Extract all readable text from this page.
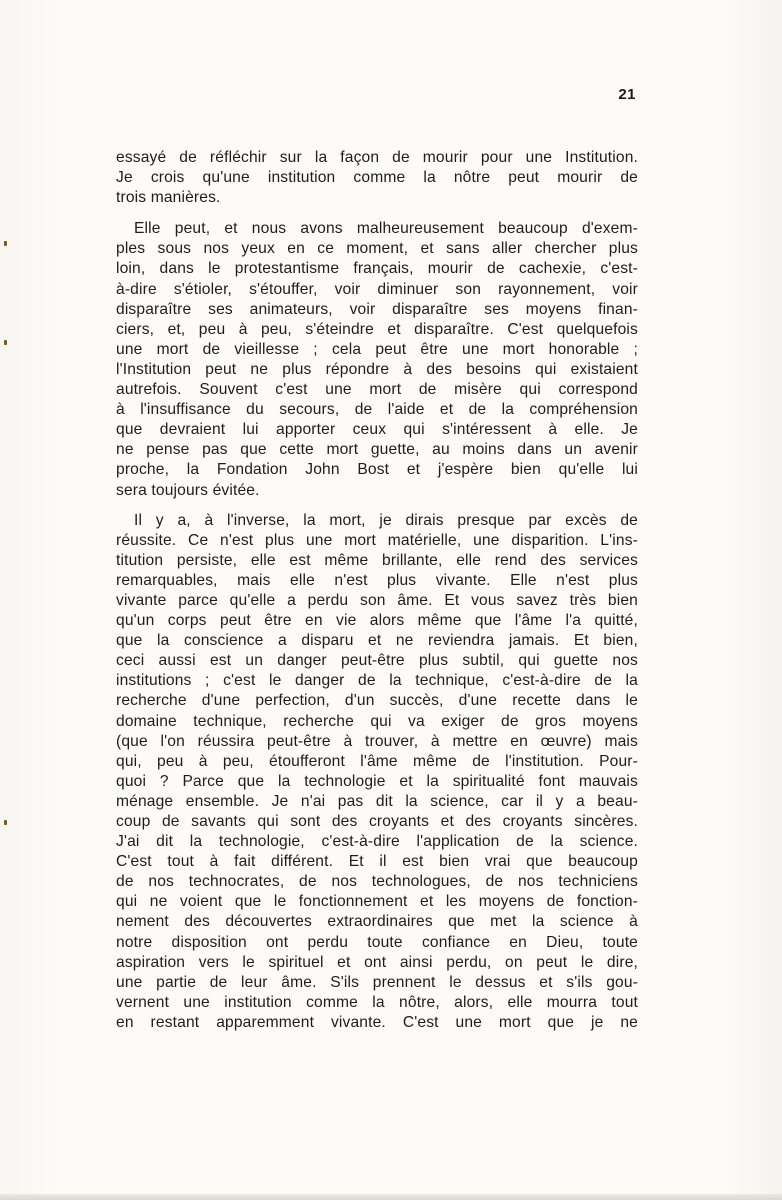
21

essayé de réfléchir sur la façon de mourir pour une Institution.
Je crois qu'une institution comme la nôtre peut mourir de
trois manières.

Elle peut, et nous avons malheureusement beaucoup d'exem-
ples sous nos yeux en ce moment, et sans aller chercher plus
loin, dans le protestantisme français, mourir de cachexie, c'est-
à-dire s'étioler, s'étouffer, voir diminuer son rayonnement, voir
disparaître ses animateurs, voir disparaître ses moyens finan-
ciers, et, peu à peu, s'éteindre et disparaître. C'est quelquefois
une mort de vieillesse ; cela peut être une mort honorable ;
l'Institution peut ne plus répondre à des besoins qui existaient
autrefois. Souvent c'est une mort de misère qui correspond
à l'insuffisance du secours, de l'aide et de la compréhension
que devraient lui apporter ceux qui s'intéressent à elle. Je
ne pense pas que cette mort guette, au moins dans un avenir
proche, la Fondation John Bost et j'espère bien qu'elle lui
sera toujours évitée.

Il y a, à l'inverse, la mort, je dirais presque par excès de
réussite. Ce n'est plus une mort matérielle, une disparition. L'ins-
titution persiste, elle est même brillante, elle rend des services
remarquables, mais elle n'est plus vivante. Elle n'est plus
vivante parce qu'elle a perdu son âme. Et vous savez très bien
qu'un corps peut être en vie alors même que l'âme l'a quitté,
que la conscience a disparu et ne reviendra jamais. Et bien,
ceci aussi est un danger peut-être plus subtil, qui guette nos
institutions ; c'est le danger de la technique, c'est-à-dire de la
recherche d'une perfection, d'un succès, d'une recette dans le
domaine technique, recherche qui va exiger de gros moyens
(que l'on réussira peut-être à trouver, à mettre en œuvre) mais
qui, peu à peu, étoufferont l'âme même de l'institution. Pour-
quoi ? Parce que la technologie et la spiritualité font mauvais
ménage ensemble. Je n'ai pas dit la science, car il y a beau-
coup de savants qui sont des croyants et des croyants sincères.
J'ai dit la technologie, c'est-à-dire l'application de la science.
C'est tout à fait différent. Et il est bien vrai que beaucoup
de nos technocrates, de nos technologues, de nos techniciens
qui ne voient que le fonctionnement et les moyens de fonction-
nement des découvertes extraordinaires que met la science à
notre disposition ont perdu toute confiance en Dieu, toute
aspiration vers le spirituel et ont ainsi perdu, on peut le dire,
une partie de leur âme. S'ils prennent le dessus et s'ils gou-
vernent une institution comme la nôtre, alors, elle mourra tout
en restant apparemment vivante. C'est une mort que je ne
